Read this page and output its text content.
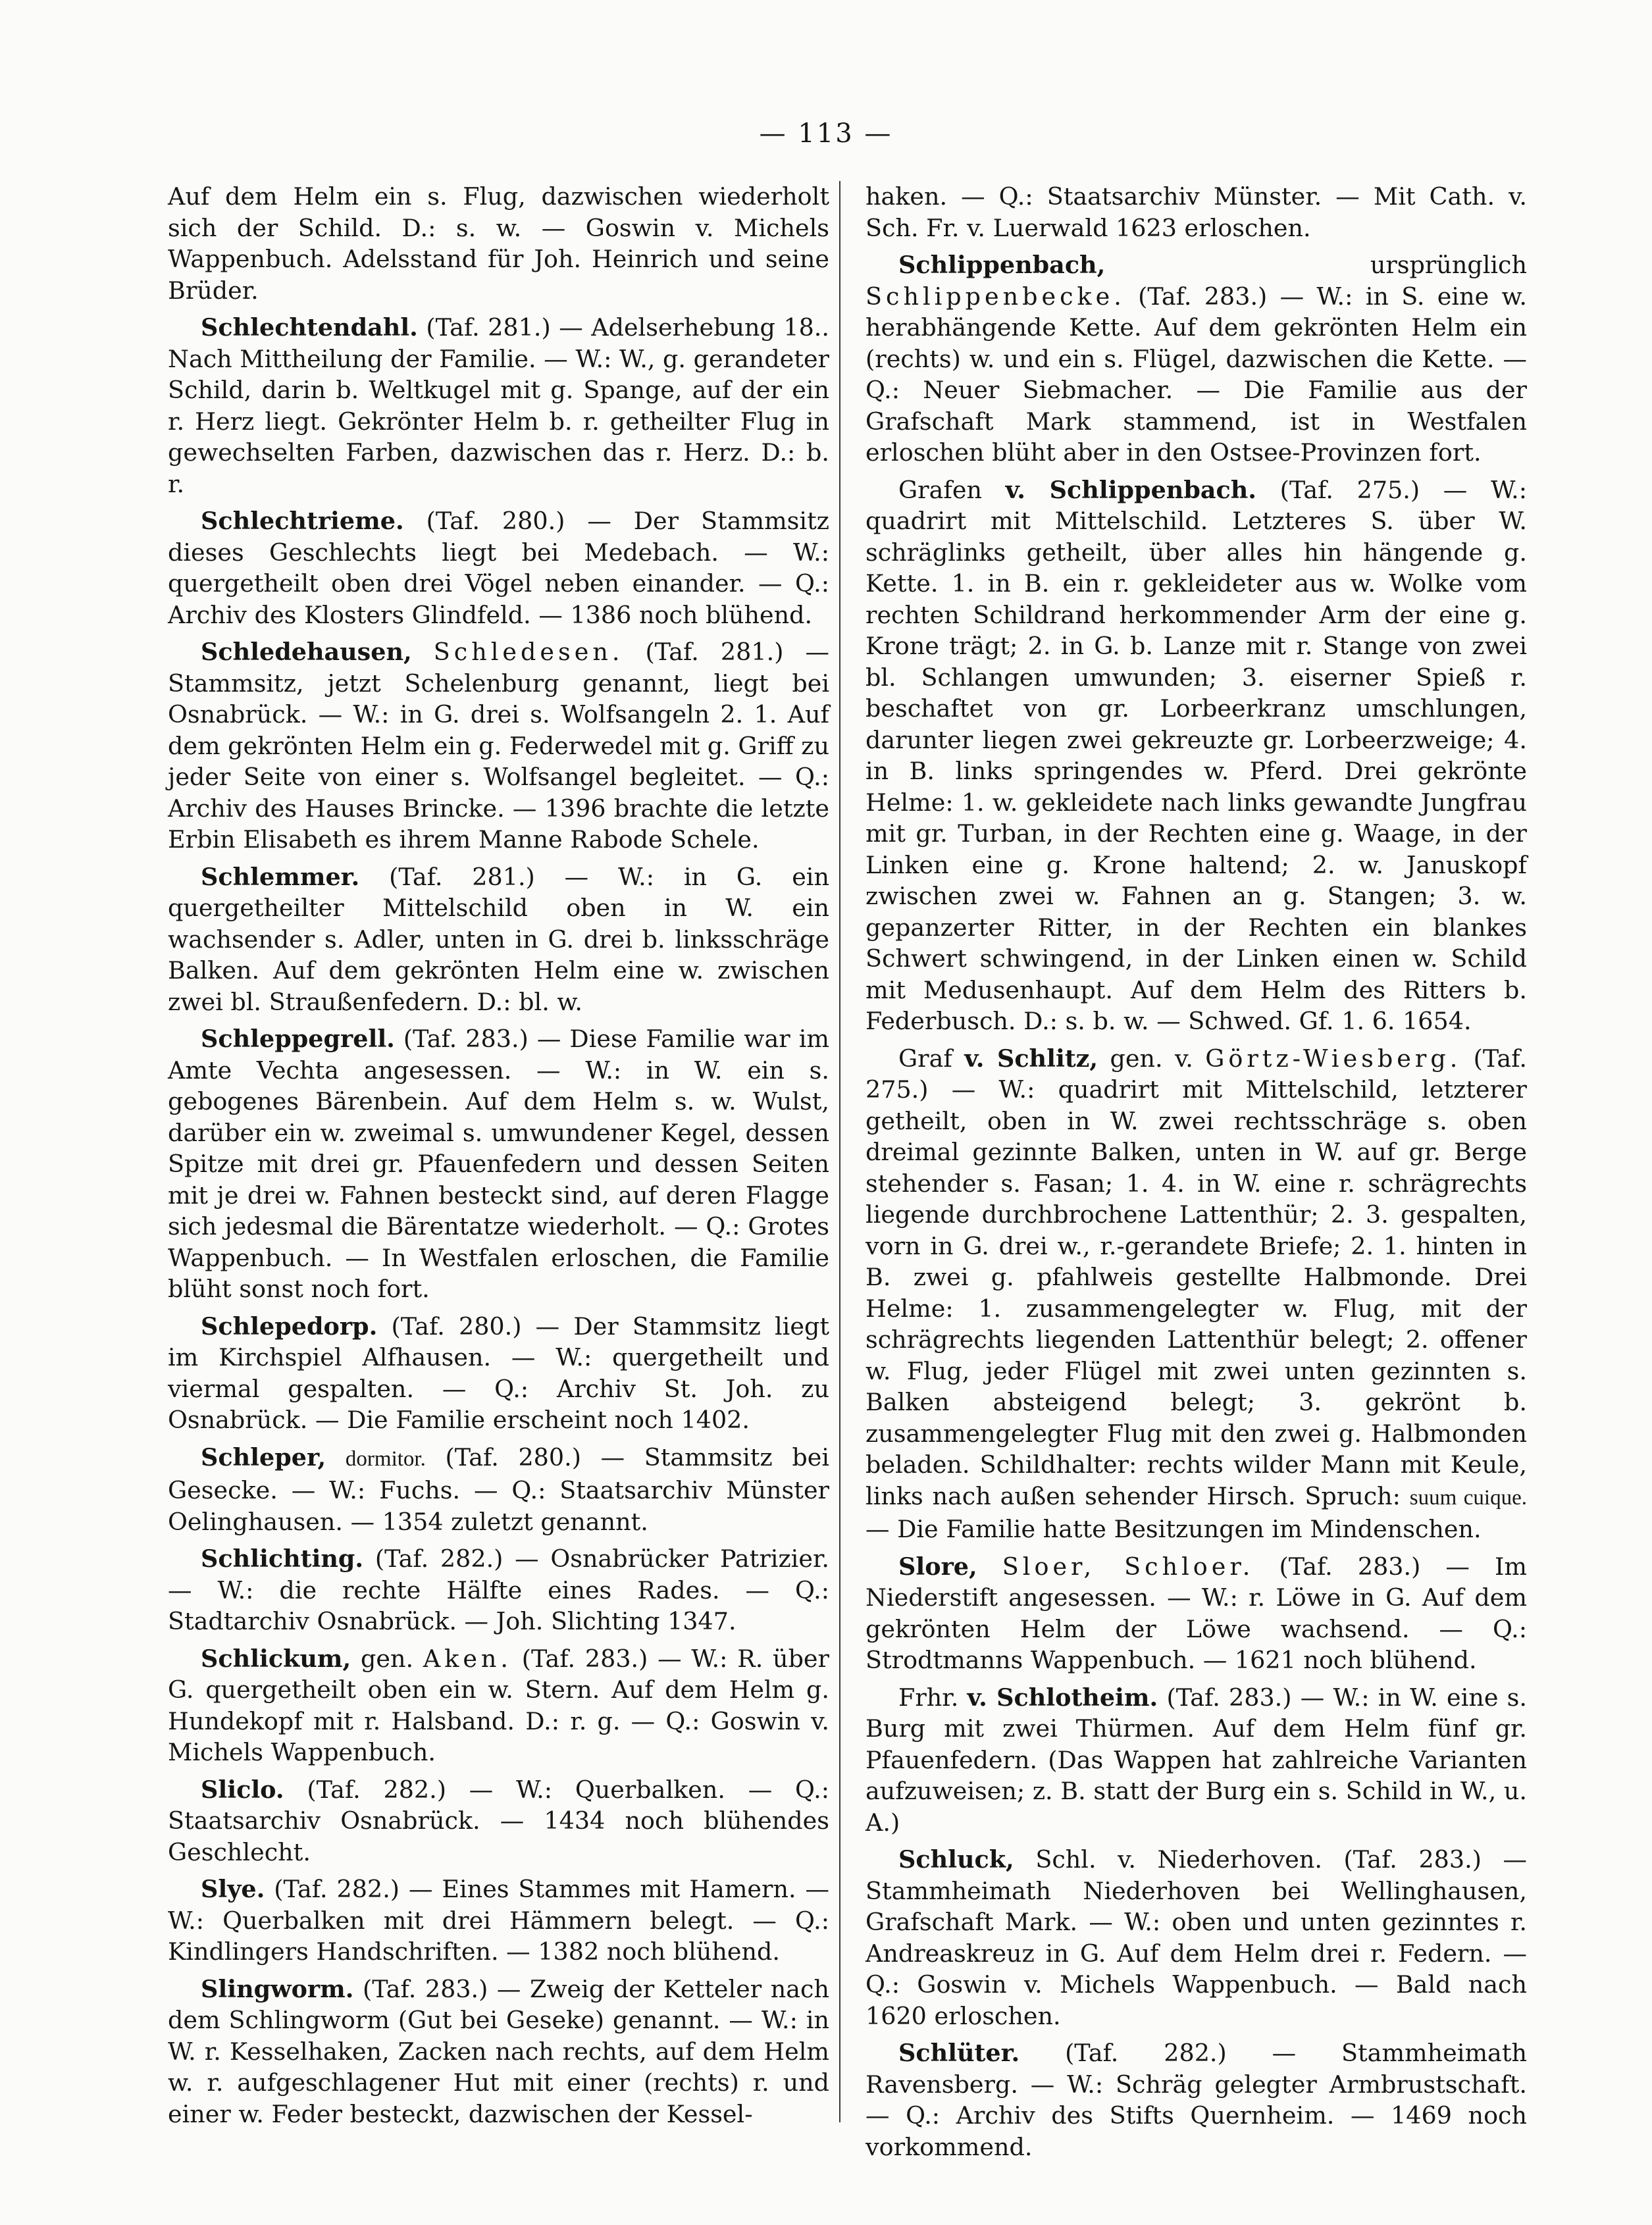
— 113 —

Auf dem Helm ein s. Flug, dazwischen wiederholt sich der Schild. D.: s. w. — Goswin v. Michels Wappenbuch. Adelsstand für Joh. Heinrich und seine Brüder.

Schlechtendahl. (Taf. 281.) — Adelserhebung 18.. Nach Mittheilung der Familie. — W.: W., g. gerandeter Schild, darin b. Weltkugel mit g. Spange, auf der ein r. Herz liegt. Gekrönter Helm b. r. getheilter Flug in gewechselten Farben, dazwischen das r. Herz. D.: b. r.

Schlechtrieme. (Taf. 280.) — Der Stammsitz dieses Geschlechts liegt bei Medebach. — W.: quergetheilt oben drei Vögel neben einander. — Q.: Archiv des Klosters Glindfeld. — 1386 noch blühend.

Schledehausen, Schledesen. (Taf. 281.) — Stammsitz, jetzt Schelenburg genannt, liegt bei Osnabrück. — W.: in G. drei s. Wolfsangeln 2. 1. Auf dem gekrönten Helm ein g. Federwedel mit g. Griff zu jeder Seite von einer s. Wolfsangel begleitet. — Q.: Archiv des Hauses Brincke. — 1396 brachte die letzte Erbin Elisabeth es ihrem Manne Rabode Schele.

Schlemmer. (Taf. 281.) — W.: in G. ein quergetheilter Mittelschild oben in W. ein wachsender s. Adler, unten in G. drei b. linksschräge Balken. Auf dem gekrönten Helm eine w. zwischen zwei bl. Straußenfedern. D.: bl. w.

Schleppegrell. (Taf. 283.) — Diese Familie war im Amte Vechta angesessen. — W.: in W. ein s. gebogenes Bärenbein. Auf dem Helm s. w. Wulst, darüber ein w. zweimal s. umwundener Kegel, dessen Spitze mit drei gr. Pfauenfedern und dessen Seiten mit je drei w. Fahnen besteckt sind, auf deren Flagge sich jedesmal die Bärentatze wiederholt. — Q.: Grotes Wappenbuch. — In Westfalen erloschen, die Familie blüht sonst noch fort.

Schlepedorp. (Taf. 280.) — Der Stammsitz liegt im Kirchspiel Alfhausen. — W.: quergetheilt und viermal gespalten. — Q.: Archiv St. Joh. zu Osnabrück. — Die Familie erscheint noch 1402.

Schleper, dormitor. (Taf. 280.) — Stammsitz bei Gesecke. — W.: Fuchs. — Q.: Staatsarchiv Münster Oelinghausen. — 1354 zuletzt genannt.

Schlichting. (Taf. 282.) — Osnabrücker Patrizier. — W.: die rechte Hälfte eines Rades. — Q.: Stadtarchiv Osnabrück. — Joh. Slichting 1347.

Schlickum, gen. Aken. (Taf. 283.) — W.: R. über G. quergetheilt oben ein w. Stern. Auf dem Helm g. Hundekopf mit r. Halsband. D.: r. g. — Q.: Goswin v. Michels Wappenbuch.

Sliclo. (Taf. 282.) — W.: Querbalken. — Q.: Staatsarchiv Osnabrück. — 1434 noch blühendes Geschlecht.

Slye. (Taf. 282.) — Eines Stammes mit Hamern. — W.: Querbalken mit drei Hämmern belegt. — Q.: Kindlingers Handschriften. — 1382 noch blühend.

Slingworm. (Taf. 283.) — Zweig der Ketteler nach dem Schlingworm (Gut bei Geseke) genannt. — W.: in W. r. Kesselhaken, Zacken nach rechts, auf dem Helm w. r. aufgeschlagener Hut mit einer (rechts) r. und einer w. Feder besteckt, dazwischen der Kessel-

haken. — Q.: Staatsarchiv Münster. — Mit Cath. v. Sch. Fr. v. Luerwald 1623 erloschen.

Schlippenbach,	ursprünglich Schlippenbecke. (Taf. 283.) — W.: in S. eine w. herabhängende Kette. Auf dem gekrönten Helm ein (rechts) w. und ein s. Flügel, dazwischen die Kette. — Q.: Neuer Siebmacher. — Die Familie aus der Grafschaft Mark stammend, ist in Westfalen erloschen blüht aber in den Ostsee-Provinzen fort.

Grafen v. Schlippenbach. (Taf. 275.) — W.: quadrirt mit Mittelschild. Letzteres S. über W. schräglinks getheilt, über alles hin hängende g. Kette. 1. in B. ein r. gekleideter aus w. Wolke vom rechten Schildrand herkommender Arm der eine g. Krone trägt; 2. in G. b. Lanze mit r. Stange von zwei bl. Schlangen umwunden; 3. eiserner Spieß r. beschaftet von gr. Lorbeerkranz umschlungen, darunter liegen zwei gekreuzte gr. Lorbeerzweige; 4. in B. links springendes w. Pferd. Drei gekrönte Helme: 1. w. gekleidete nach links gewandte Jungfrau mit gr. Turban, in der Rechten eine g. Waage, in der Linken eine g. Krone haltend; 2. w. Januskopf zwischen zwei w. Fahnen an g. Stangen; 3. w. gepanzerter Ritter, in der Rechten ein blankes Schwert schwingend, in der Linken einen w. Schild mit Medusenhaupt. Auf dem Helm des Ritters b. Federbusch. D.: s. b. w. — Schwed. Gf. 1. 6. 1654.

Graf v. Schlitz, gen. v. Görtz-Wiesberg. (Taf. 275.) — W.: quadrirt mit Mittelschild, letzterer getheilt, oben in W. zwei rechtsschräge s. oben dreimal gezinnte Balken, unten in W. auf gr. Berge stehender s. Fasan; 1. 4. in W. eine r. schrägrechts liegende durchbrochene Lattenthür; 2. 3. gespalten, vorn in G. drei w., r.-gerandete Briefe; 2. 1. hinten in B. zwei g. pfahlweis gestellte Halbmonde. Drei Helme: 1. zusammengelegter w. Flug, mit der schrägrechts liegenden Lattenthür belegt; 2. offener w. Flug, jeder Flügel mit zwei unten gezinnten s. Balken absteigend belegt; 3. gekrönt b. zusammengelegter Flug mit den zwei g. Halbmonden beladen. Schildhalter: rechts wilder Mann mit Keule, links nach außen sehender Hirsch. Spruch: suum cuique. — Die Familie hatte Besitzungen im Mindenschen.

Slore, Sloer, Schloer. (Taf. 283.) — Im Niederstift angesessen. — W.: r. Löwe in G. Auf dem gekrönten Helm der Löwe wachsend. — Q.: Strodtmanns Wappenbuch. — 1621 noch blühend.

Frhr. v. Schlotheim. (Taf. 283.) — W.: in W. eine s. Burg mit zwei Thürmen. Auf dem Helm fünf gr. Pfauenfedern. (Das Wappen hat zahlreiche Varianten aufzuweisen; z. B. statt der Burg ein s. Schild in W., u. A.)

Schluck, Schl. v. Niederhoven. (Taf. 283.) — Stammheimath Niederhoven bei Wellinghausen, Grafschaft Mark. — W.: oben und unten gezinntes r. Andreaskreuz in G. Auf dem Helm drei r. Federn. — Q.: Goswin v. Michels Wappenbuch. — Bald nach 1620 erloschen.

Schlüter. (Taf. 282.) — Stammheimath Ravensberg. — W.: Schräg gelegter Armbrustschaft. — Q.: Archiv des Stifts Quernheim. — 1469 noch vorkommend.
